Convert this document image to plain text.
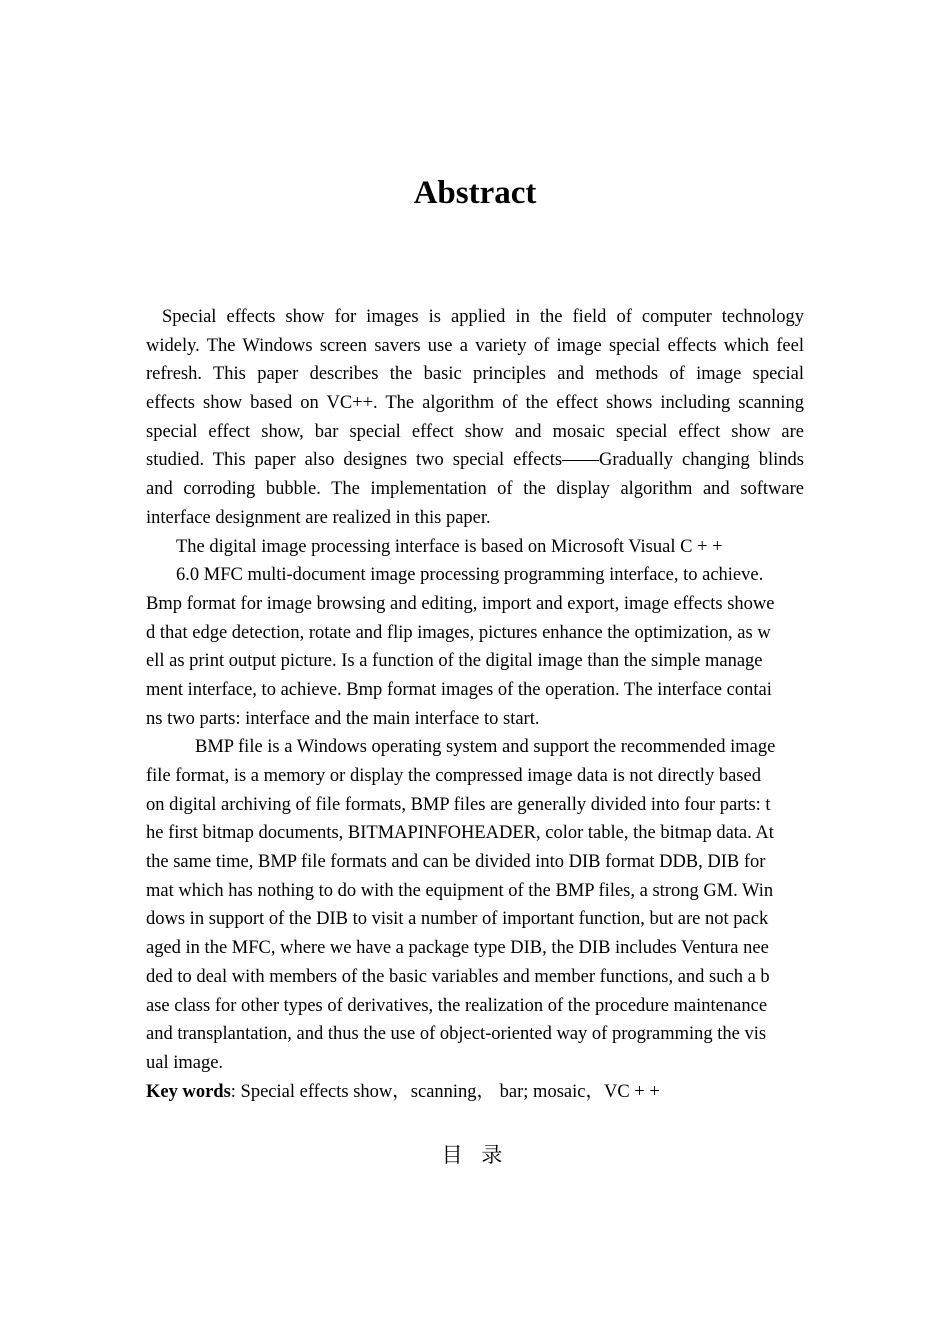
Abstract
Special effects show for images is applied in the field of computer technology
widely. The Windows screen savers use a variety of image special effects which feel
refresh. This paper describes the basic principles and methods of image special
effects show based on VC++. The algorithm of the effect shows including scanning
special effect show, bar special effect show and mosaic special effect show are
studied. This paper also designes two special effects——Gradually changing blinds
and corroding bubble. The implementation of the display algorithm and software
interface designment are realized in this paper.
The digital image processing interface is based on Microsoft Visual C + +
6.0 MFC multi-document image processing programming interface, to achieve.
Bmp format for image browsing and editing, import and export, image effects showe
d that edge detection, rotate and flip images, pictures enhance the optimization, as w
ell as print output picture. Is a function of the digital image than the simple manage
ment interface, to achieve. Bmp format images of the operation. The interface contai
ns two parts: interface and the main interface to start.
BMP file is a Windows operating system and support the recommended image
file format, is a memory or display the compressed image data is not directly based
on digital archiving of file formats, BMP files are generally divided into four parts: t
he first bitmap documents, BITMAPINFOHEADER, color table, the bitmap data. At
the same time, BMP file formats and can be divided into DIB format DDB, DIB for
mat which has nothing to do with the equipment of the BMP files, a strong GM. Win
dows in support of the DIB to visit a number of important function, but are not pack
aged in the MFC, where we have a package type DIB, the DIB includes Ventura nee
ded to deal with members of the basic variables and member functions, and such a b
ase class for other types of derivatives, the realization of the procedure maintenance
and transplantation, and thus the use of object-oriented way of programming the vis
ual image.
Key words: Special effects show，scanning， bar; mosaic，VC + +
目 录
